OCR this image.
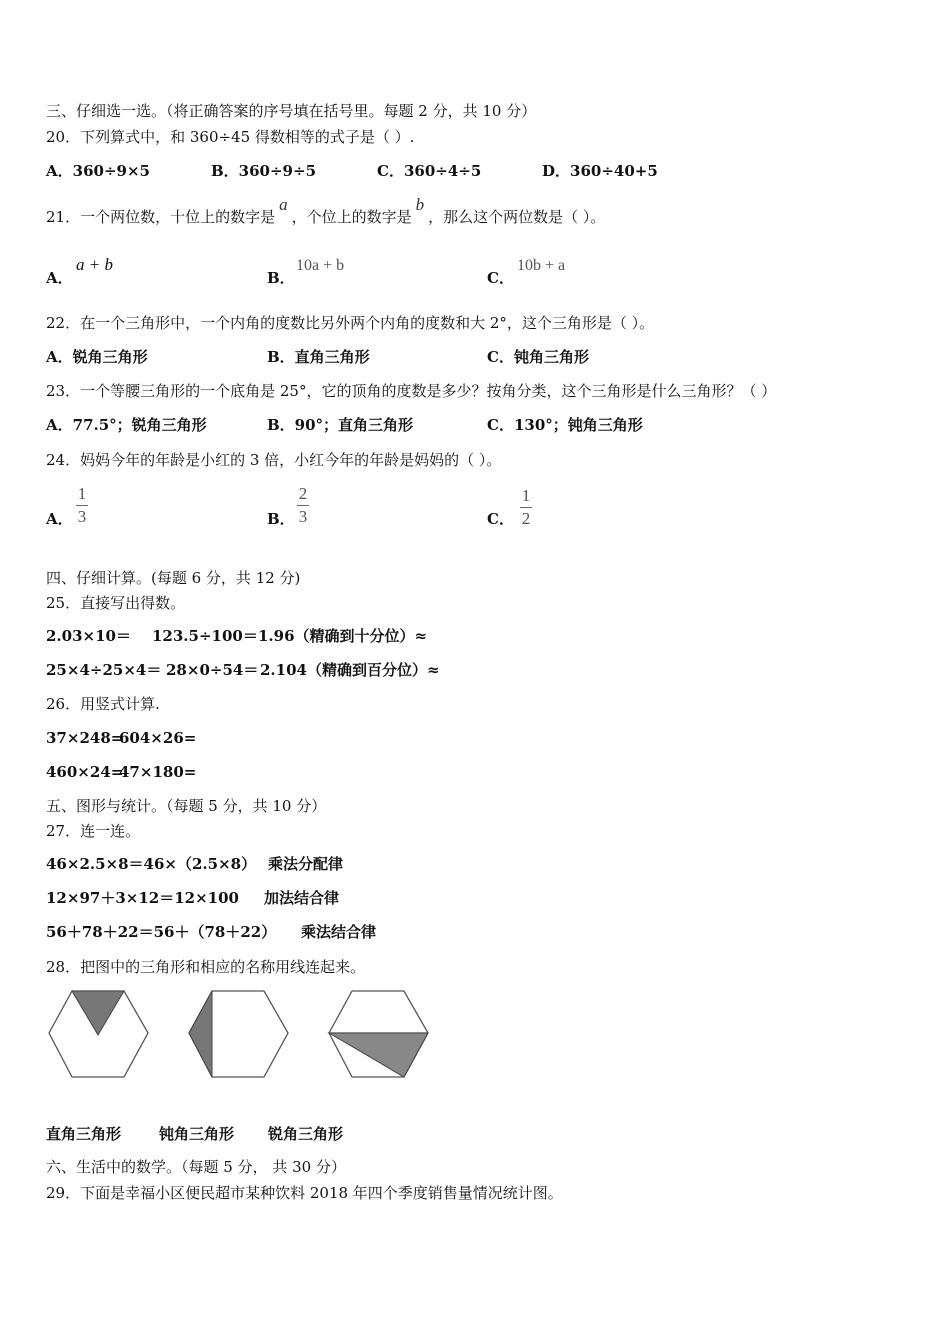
三、仔细选一选。（将正确答案的序号填在括号里。每题 2 分，共 10 分）
20．下列算式中，和 360÷45 得数相等的式子是（ ）.
A．360÷9×5	B．360÷9÷5	C．360÷4÷5	D．360÷40+5
21．一个两位数，十位上的数字是a，个位上的数字是b，那么这个两位数是（ ）。
A．
a + b
B．
10a + b
C．
10b + a
22．在一个三角形中，一个内角的度数比另外两个内角的度数和大 2°，这个三角形是（ ）。
A．锐角三角形	B．直角三角形	C．钝角三角形
23．一个等腰三角形的一个底角是 25°，它的顶角的度数是多少？按角分类，这个三角形是什么三角形？（ ）
A．77.5°；锐角三角形	B．90°；直角三角形	C．130°；钝角三角形
24．妈妈今年的年龄是小红的 3 倍，小红今年的年龄是妈妈的（ ）。
A．
1
3	B．
2
3	C．
1
2
四、仔细计算。(每题 6 分，共 12 分)
25．直接写出得数。
2.03×10＝ 123.5÷100＝ 1.96（精确到十分位）≈
25×4÷25×4＝ 28×0÷54＝ 2.104（精确到百分位）≈
26．用竖式计算.
37×248=
604×26=
460×24=
47×180=
五、图形与统计。（每题 5 分，共 10 分）
27．连一连。
46×2.5×8＝46×（2.5×8） 乘法分配律
12×97＋3×12＝12×100 加法结合律
56＋78＋22＝56＋（78＋22） 乘法结合律
28．把图中的三角形和相应的名称用线连起来。
直角三角形	钝角三角形 锐角三角形
六、生活中的数学。（每题 5 分， 共 30 分）
29．下面是幸福小区便民超市某种饮料 2018 年四个季度销售量情况统计图。
